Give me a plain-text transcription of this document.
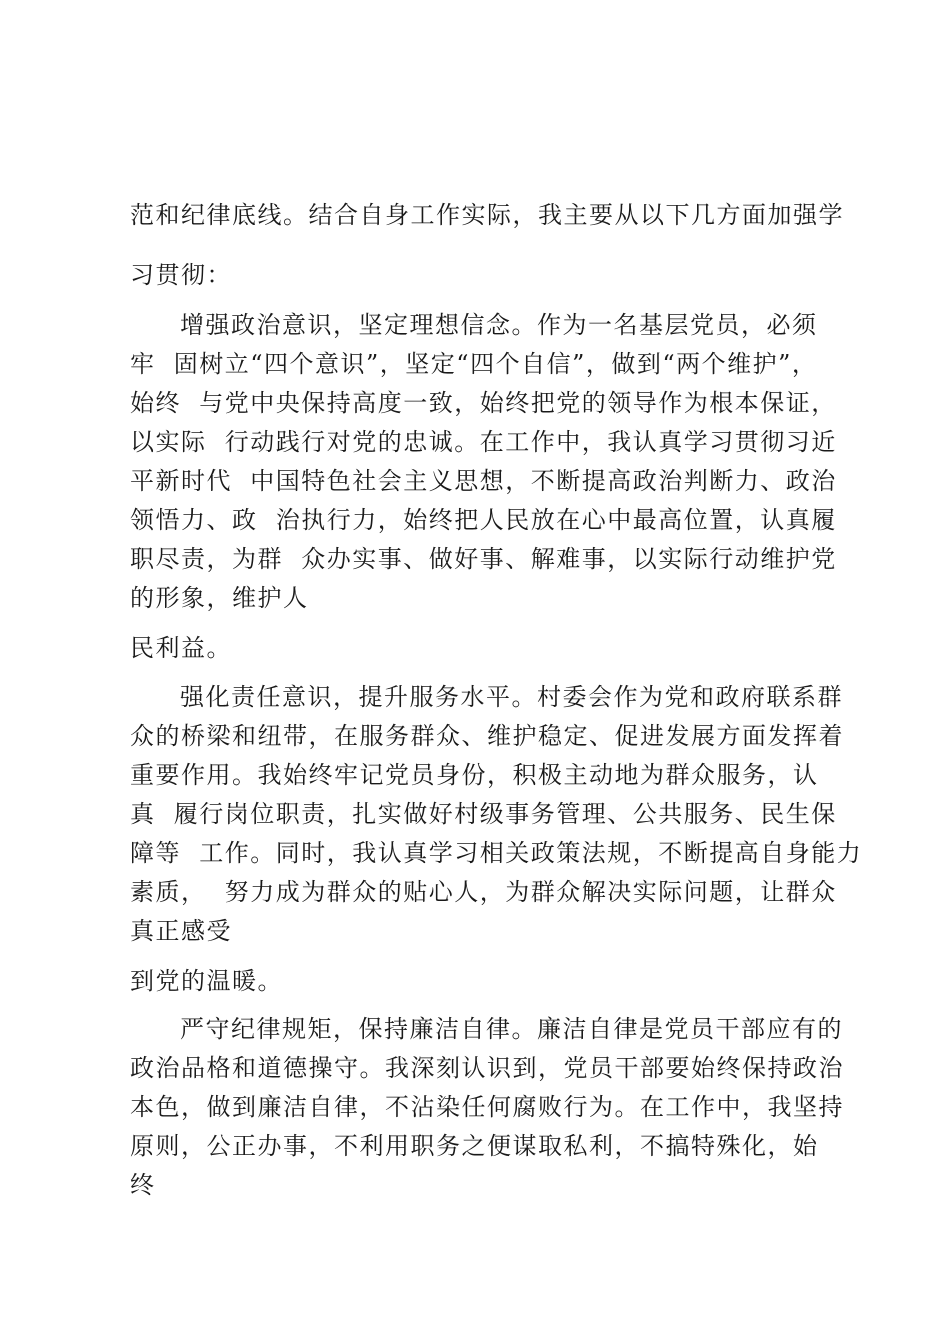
范和纪律底线。结合自身工作实际，我主要从以下几方面加强学

习贯彻：

增强政治意识，坚定理想信念。作为一名基层党员，必须

牢  固树立“四个意识”，坚定“四个自信”，做到“两个维护”，

始终  与党中央保持高度一致，始终把党的领导作为根本保证，

以实际  行动践行对党的忠诚。在工作中，我认真学习贯彻习近

平新时代  中国特色社会主义思想，不断提高政治判断力、政治

领悟力、政  治执行力，始终把人民放在心中最高位置，认真履

职尽责，为群  众办实事、做好事、解难事，以实际行动维护党

的形象，维护人

民利益。

强化责任意识，提升服务水平。村委会作为党和政府联系群

众的桥梁和纽带，在服务群众、维护稳定、促进发展方面发挥着

重要作用。我始终牢记党员身份，积极主动地为群众服务，认

真  履行岗位职责，扎实做好村级事务管理、公共服务、民生保

障等  工作。同时，我认真学习相关政策法规，不断提高自身能力

素质，  努力成为群众的贴心人，为群众解决实际问题，让群众

真正感受

到党的温暖。

严守纪律规矩，保持廉洁自律。廉洁自律是党员干部应有的

政治品格和道德操守。我深刻认识到，党员干部要始终保持政治

本色，做到廉洁自律，不沾染任何腐败行为。在工作中，我坚持

原则，公正办事，不利用职务之便谋取私利，不搞特殊化，始

终
